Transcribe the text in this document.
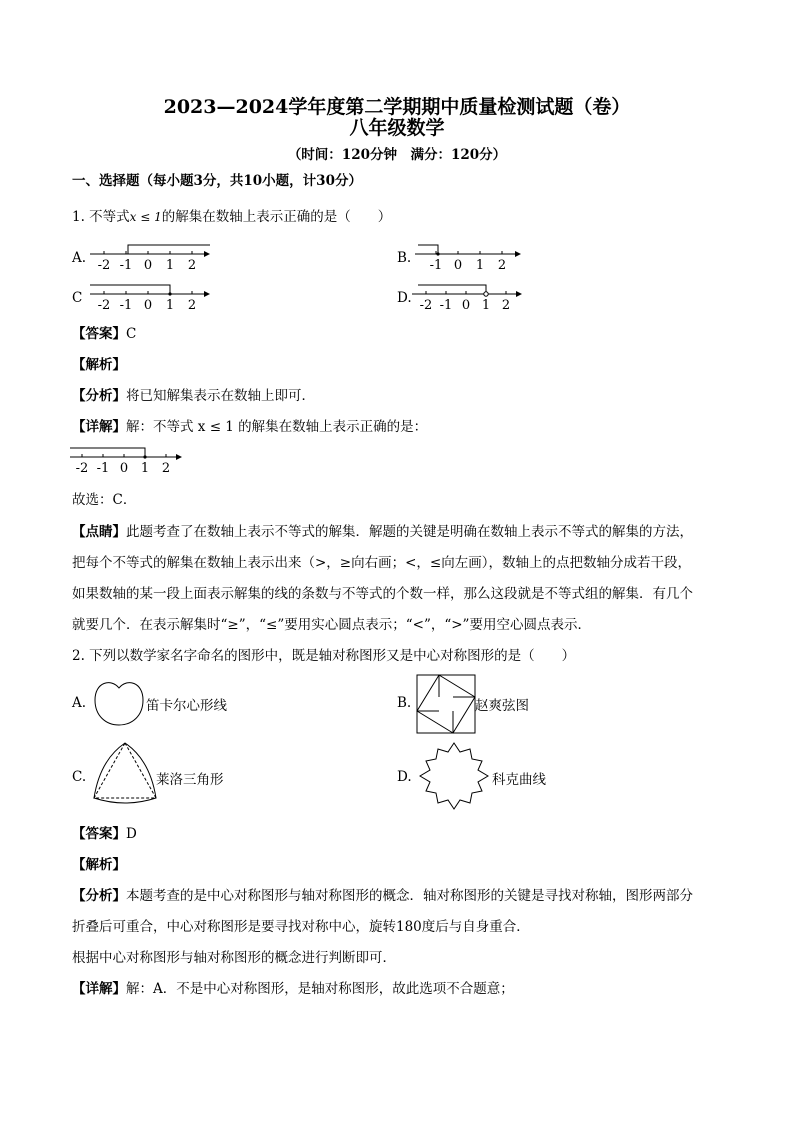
2023—2024学年度第二学期期中质量检测试题（卷）
八年级数学
（时间：120分钟　满分：120分）
一、选择题（每小题3分，共10小题，计30分）
1. 不等式x ≤ 1的解集在数轴上表示正确的是（　　）
A.	B.
C	D.
-2 -1 0 1 2	-1 0 1 2
-2 -1 0 1 2	-2 -1 0 1 2
【答案】C
【解析】
【分析】将已知解集表示在数轴上即可．
【详解】解：不等式 x ≤ 1 的解集在数轴上表示正确的是：
-2 -1 0 1 2
故选：C．
【点睛】此题考查了在数轴上表示不等式的解集．解题的关键是明确在数轴上表示不等式的解集的方法，
把每个不等式的解集在数轴上表示出来（>，≥向右画；<，≤向左画），数轴上的点把数轴分成若干段，
如果数轴的某一段上面表示解集的线的条数与不等式的个数一样，那么这段就是不等式组的解集．有几个
就要几个．在表示解集时“≥”，“≤”要用实心圆点表示；“<”，“>”要用空心圆点表示．
2. 下列以数学家名字命名的图形中，既是轴对称图形又是中心对称图形的是（　　）
A.	笛卡尔心形线	B.	赵爽弦图
C.	莱洛三角形	D.	科克曲线
【答案】D
【解析】
【分析】本题考查的是中心对称图形与轴对称图形的概念．轴对称图形的关键是寻找对称轴，图形两部分
折叠后可重合，中心对称图形是要寻找对称中心，旋转180度后与自身重合．
根据中心对称图形与轴对称图形的概念进行判断即可．
【详解】解：A．不是中心对称图形，是轴对称图形，故此选项不合题意；
